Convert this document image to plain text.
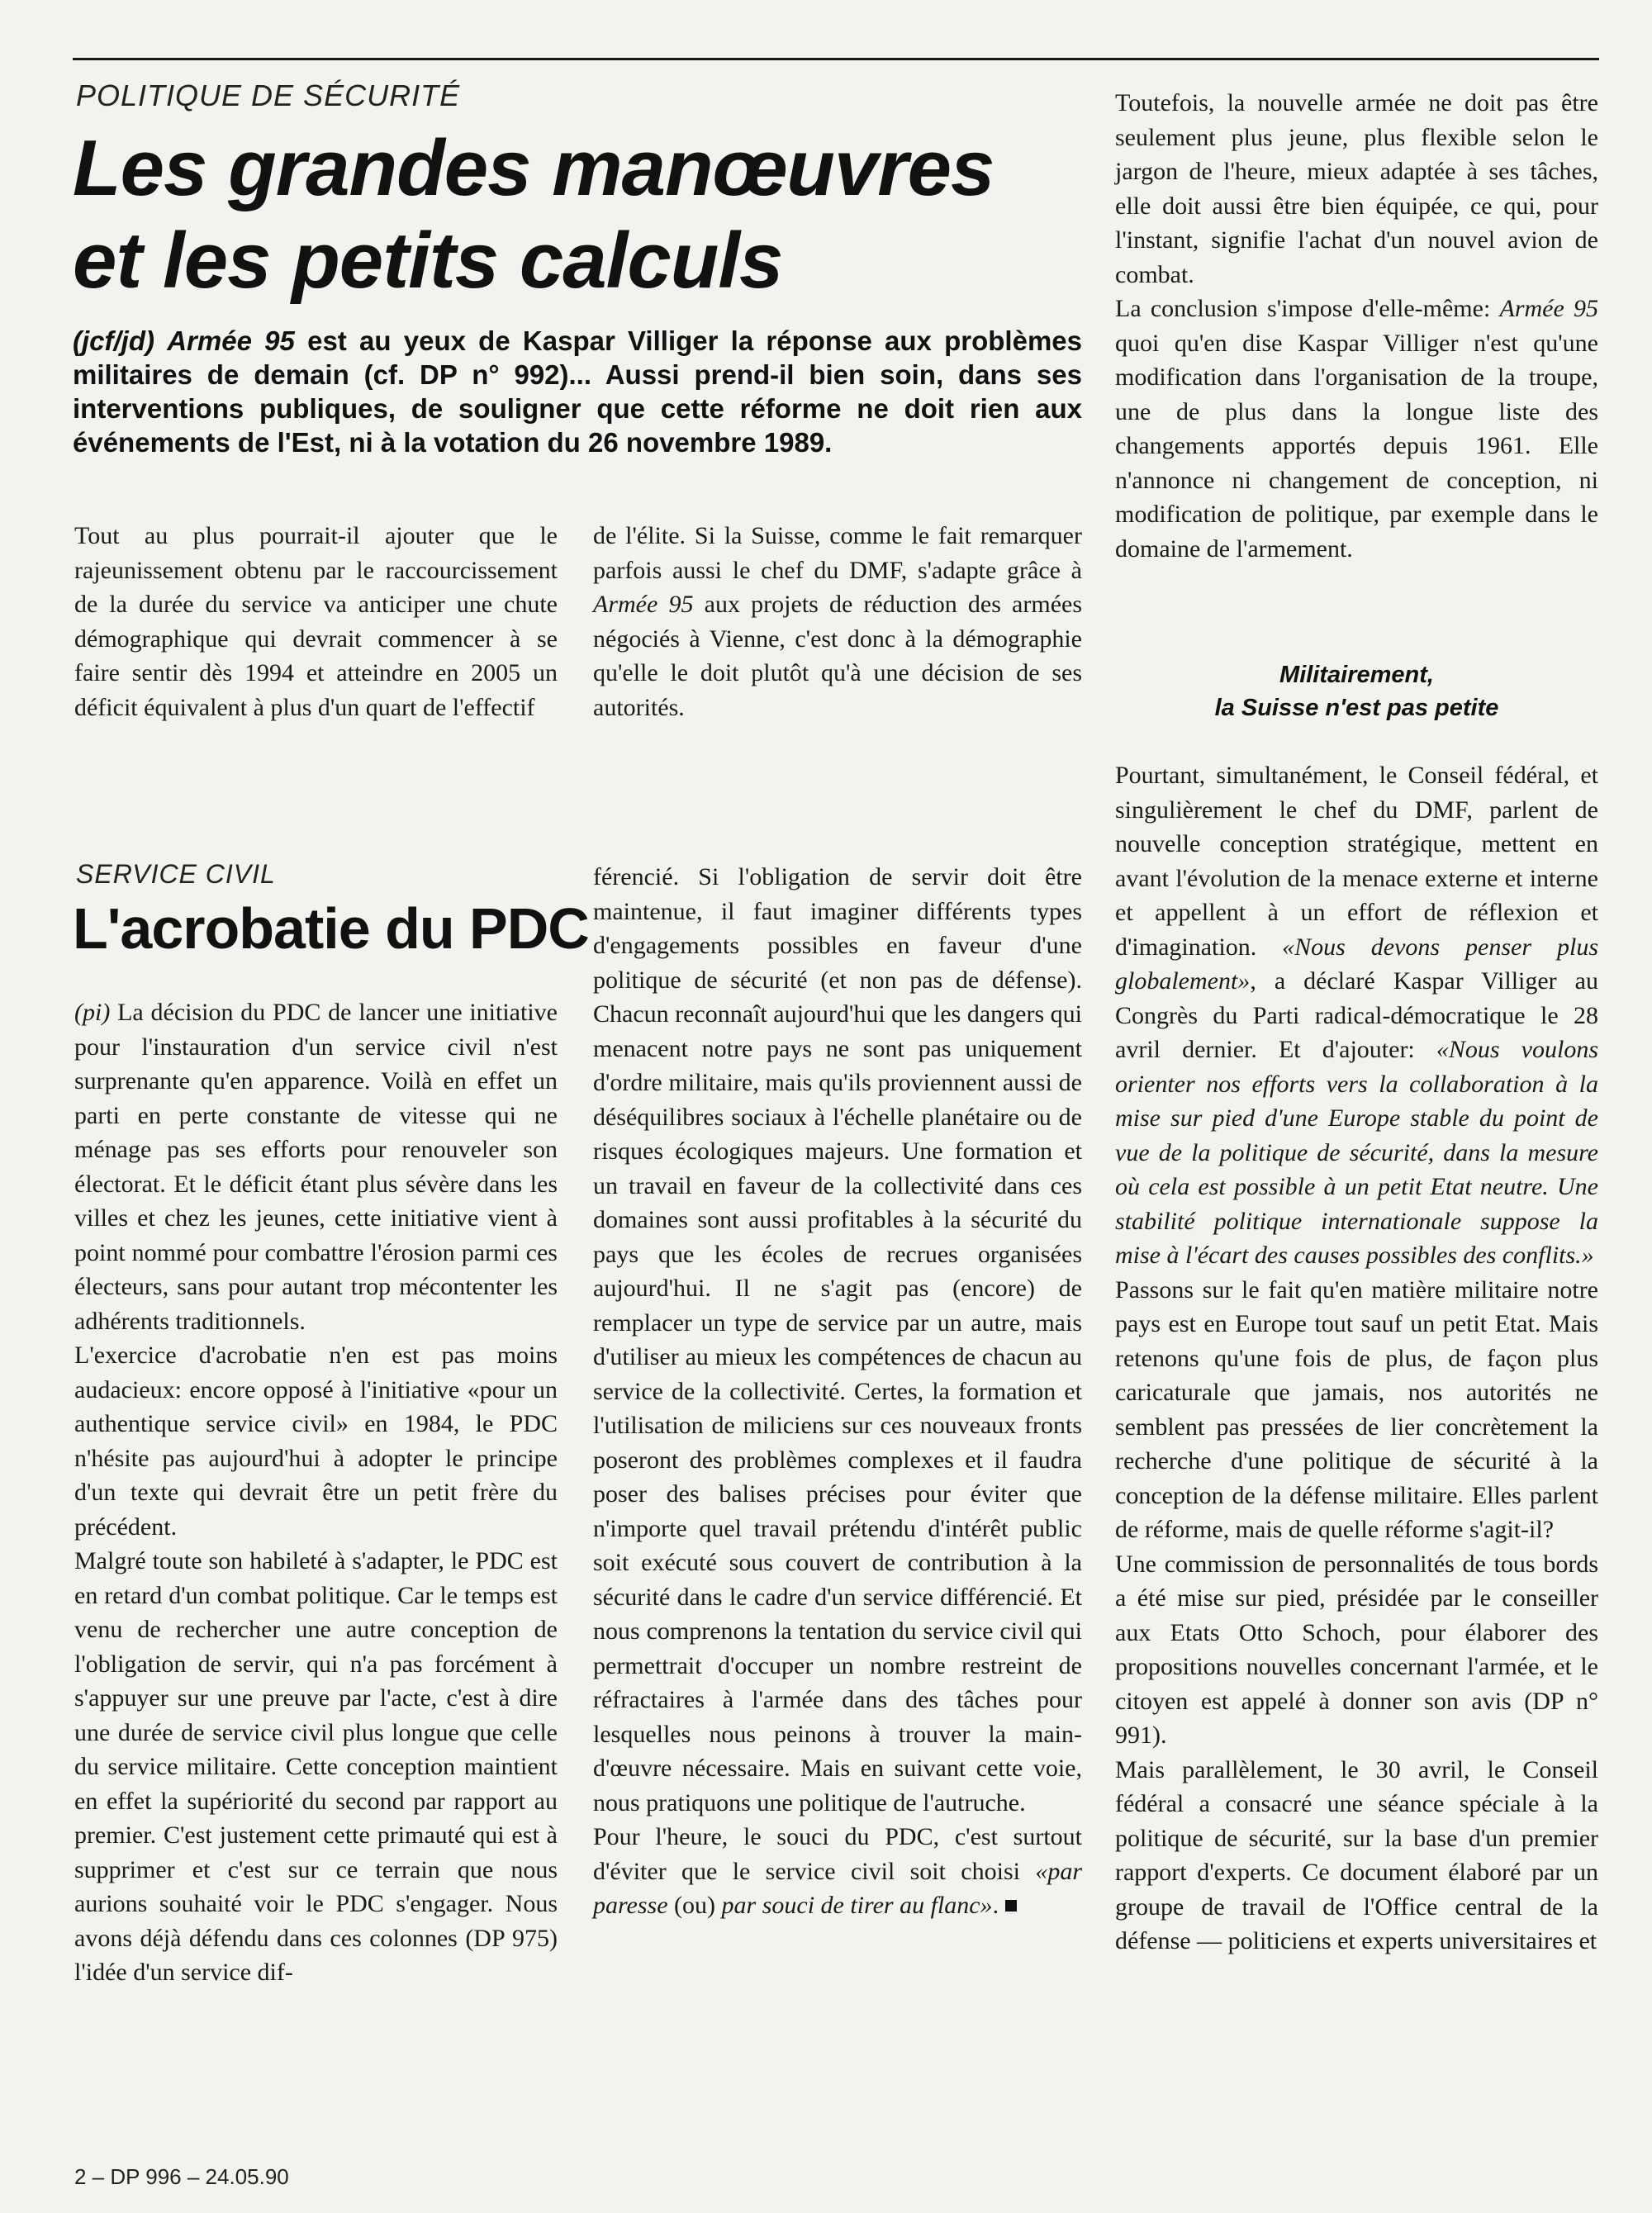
POLITIQUE DE SÉCURITÉ
Les grandes manœuvres
et les petits calculs
(jcf/jd) Armée 95 est au yeux de Kaspar Villiger la réponse aux problèmes militaires de demain (cf. DP n° 992)... Aussi prend-il bien soin, dans ses interventions publiques, de souligner que cette réforme ne doit rien aux événements de l'Est, ni à la votation du 26 novembre 1989.

Tout au plus pourrait-il ajouter que le rajeunissement obtenu par le raccourcissement de la durée du service va anticiper une chute démographique qui devrait commencer à se faire sentir dès 1994 et atteindre en 2005 un déficit équivalent à plus d'un quart de l'effectif

de l'élite. Si la Suisse, comme le fait remarquer parfois aussi le chef du DMF, s'adapte grâce à Armée 95 aux projets de réduction des armées négociés à Vienne, c'est donc à la démographie qu'elle le doit plutôt qu'à une décision de ses autorités.

Toutefois, la nouvelle armée ne doit pas être seulement plus jeune, plus flexible selon le jargon de l'heure, mieux adaptée à ses tâches, elle doit aussi être bien équipée, ce qui, pour l'instant, signifie l'achat d'un nouvel avion de combat.

La conclusion s'impose d'elle-même: Armée 95 quoi qu'en dise Kaspar Villiger n'est qu'une modification dans l'organisation de la troupe, une de plus dans la longue liste des changements apportés depuis 1961. Elle n'annonce ni changement de conception, ni modification de politique, par exemple dans le domaine de l'armement.

Militairement,
la Suisse n'est pas petite

Pourtant, simultanément, le Conseil fédéral, et singulièrement le chef du DMF, parlent de nouvelle conception stratégique, mettent en avant l'évolution de la menace externe et interne et appellent à un effort de réflexion et d'imagination. «Nous devons penser plus globalement», a déclaré Kaspar Villiger au Congrès du Parti radical-démocratique le 28 avril dernier. Et d'ajouter: «Nous voulons orienter nos efforts vers la collaboration à la mise sur pied d'une Europe stable du point de vue de la politique de sécurité, dans la mesure où cela est possible à un petit Etat neutre. Une stabilité politique internationale suppose la mise à l'écart des causes possibles des conflits.»

Passons sur le fait qu'en matière militaire notre pays est en Europe tout sauf un petit Etat. Mais retenons qu'une fois de plus, de façon plus caricaturale que jamais, nos autorités ne semblent pas pressées de lier concrètement la recherche d'une politique de sécurité à la conception de la défense militaire. Elles parlent de réforme, mais de quelle réforme s'agit-il?

Une commission de personnalités de tous bords a été mise sur pied, présidée par le conseiller aux Etats Otto Schoch, pour élaborer des propositions nouvelles concernant l'armée, et le citoyen est appelé à donner son avis (DP n° 991).

Mais parallèlement, le 30 avril, le Conseil fédéral a consacré une séance spéciale à la politique de sécurité, sur la base d'un premier rapport d'experts. Ce document élaboré par un groupe de travail de l'Office central de la défense — politiciens et experts universitaires et

SERVICE CIVIL
L'acrobatie du PDC

(pi) La décision du PDC de lancer une initiative pour l'instauration d'un service civil n'est surprenante qu'en apparence. Voilà en effet un parti en perte constante de vitesse qui ne ménage pas ses efforts pour renouveler son électorat. Et le déficit étant plus sévère dans les villes et chez les jeunes, cette initiative vient à point nommé pour combattre l'érosion parmi ces électeurs, sans pour autant trop mécontenter les adhérents traditionnels.

L'exercice d'acrobatie n'en est pas moins audacieux: encore opposé à l'initiative «pour un authentique service civil» en 1984, le PDC n'hésite pas aujourd'hui à adopter le principe d'un texte qui devrait être un petit frère du précédent.

Malgré toute son habileté à s'adapter, le PDC est en retard d'un combat politique. Car le temps est venu de rechercher une autre conception de l'obligation de servir, qui n'a pas forcément à s'appuyer sur une preuve par l'acte, c'est à dire une durée de service civil plus longue que celle du service militaire. Cette conception maintient en effet la supériorité du second par rapport au premier. C'est justement cette primauté qui est à supprimer et c'est sur ce terrain que nous aurions souhaité voir le PDC s'engager. Nous avons déjà défendu dans ces colonnes (DP 975) l'idée d'un service dif-

férencié. Si l'obligation de servir doit être maintenue, il faut imaginer différents types d'engagements possibles en faveur d'une politique de sécurité (et non pas de défense). Chacun reconnaît aujourd'hui que les dangers qui menacent notre pays ne sont pas uniquement d'ordre militaire, mais qu'ils proviennent aussi de déséquilibres sociaux à l'échelle planétaire ou de risques écologiques majeurs. Une formation et un travail en faveur de la collectivité dans ces domaines sont aussi profitables à la sécurité du pays que les écoles de recrues organisées aujourd'hui. Il ne s'agit pas (encore) de remplacer un type de service par un autre, mais d'utiliser au mieux les compétences de chacun au service de la collectivité. Certes, la formation et l'utilisation de miliciens sur ces nouveaux fronts poseront des problèmes complexes et il faudra poser des balises précises pour éviter que n'importe quel travail prétendu d'intérêt public soit exécuté sous couvert de contribution à la sécurité dans le cadre d'un service différencié. Et nous comprenons la tentation du service civil qui permettrait d'occuper un nombre restreint de réfractaires à l'armée dans des tâches pour lesquelles nous peinons à trouver la main-d'œuvre nécessaire. Mais en suivant cette voie, nous pratiquons une politique de l'autruche.

Pour l'heure, le souci du PDC, c'est surtout d'éviter que le service civil soit choisi «par paresse (ou) par souci de tirer au flanc».

2 – DP 996 – 24.05.90
